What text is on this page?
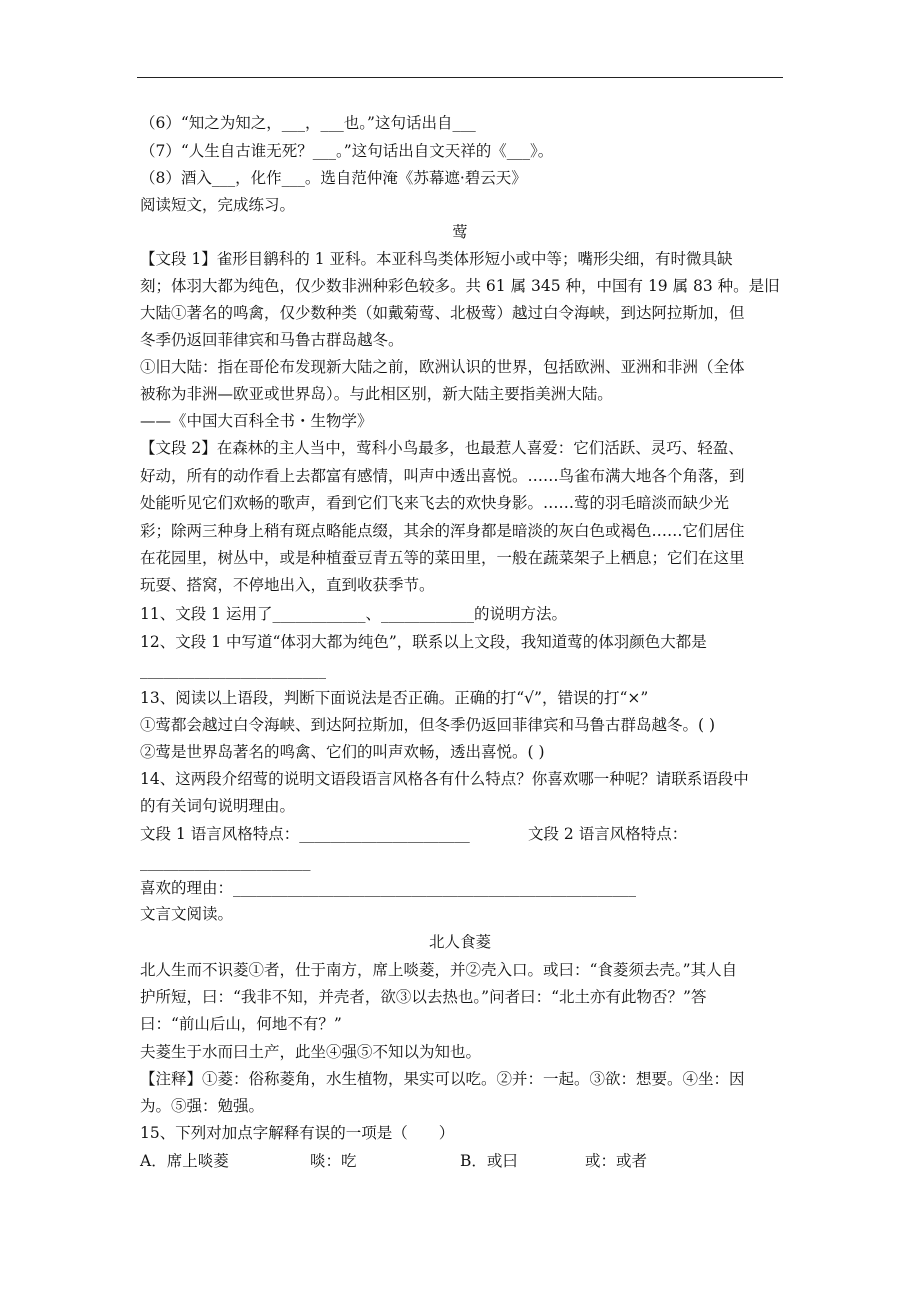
（6）“知之为知之，___，___也。”这句话出自___
（7）“人生自古谁无死？___。”这句话出自文天祥的《___》。
（8）酒入___，化作___。选自范仲淹《苏幕遮·碧云天》
阅读短文，完成练习。
莺
【文段 1】雀形目鹟科的 1 亚科。本亚科鸟类体形短小或中等；嘴形尖细，有时微具缺
刻；体羽大都为纯色，仅少数非洲种彩色较多。共 61 属 345 种，中国有 19 属 83 种。是旧
大陆①著名的鸣禽，仅少数种类（如戴菊莺、北极莺）越过白令海峡，到达阿拉斯加，但
冬季仍返回菲律宾和马鲁古群岛越冬。
①旧大陆：指在哥伦布发现新大陆之前，欧洲认识的世界，包括欧洲、亚洲和非洲（全体
被称为非洲—欧亚或世界岛）。与此相区别，新大陆主要指美洲大陆。
——《中国大百科全书・生物学》
【文段 2】在森林的主人当中，莺科小鸟最多，也最惹人喜爱：它们活跃、灵巧、轻盈、
好动，所有的动作看上去都富有感情，叫声中透出喜悦。……鸟雀布满大地各个角落，到
处能听见它们欢畅的歌声，看到它们飞来飞去的欢快身影。……莺的羽毛暗淡而缺少光
彩；除两三种身上稍有斑点略能点缀，其余的浑身都是暗淡的灰白色或褐色……它们居住
在花园里，树丛中，或是种植蚕豆青五等的菜田里，一般在蔬菜架子上栖息；它们在这里
玩耍、搭窝，不停地出入，直到收获季节。
11、文段 1 运用了____________、____________的说明方法。
12、文段 1 中写道“体羽大都为纯色”，联系以上文段，我知道莺的体羽颜色大都是
________________________
13、阅读以上语段，判断下面说法是否正确。正确的打“√”，错误的打“×”
①莺都会越过白令海峡、到达阿拉斯加，但冬季仍返回菲律宾和马鲁古群岛越冬。( )
②莺是世界岛著名的鸣禽、它们的叫声欢畅，透出喜悦。( )
14、这两段介绍莺的说明文语段语言风格各有什么特点？你喜欢哪一种呢？请联系语段中
的有关词句说明理由。
文段 1 语言风格特点：______________________	文段 2 语言风格特点：
______________________
喜欢的理由：____________________________________________________
文言文阅读。
北人食菱
北人生而不识菱①者，仕于南方，席上啖菱，并②壳入口。或曰：“食菱须去壳。”其人自
护所短，曰：“我非不知，并壳者，欲③以去热也。”问者曰：“北土亦有此物否？”答
曰：“前山后山，何地不有？”
夫菱生于水而曰土产，此坐④强⑤不知以为知也。
【注释】①菱：俗称菱角，水生植物，果实可以吃。②并：一起。③欲：想要。④坐：因
为。⑤强：勉强。
15、下列对加点字解释有误的一项是（　　）
A．席上啖菱	啖：吃	B．或曰	或：或者
